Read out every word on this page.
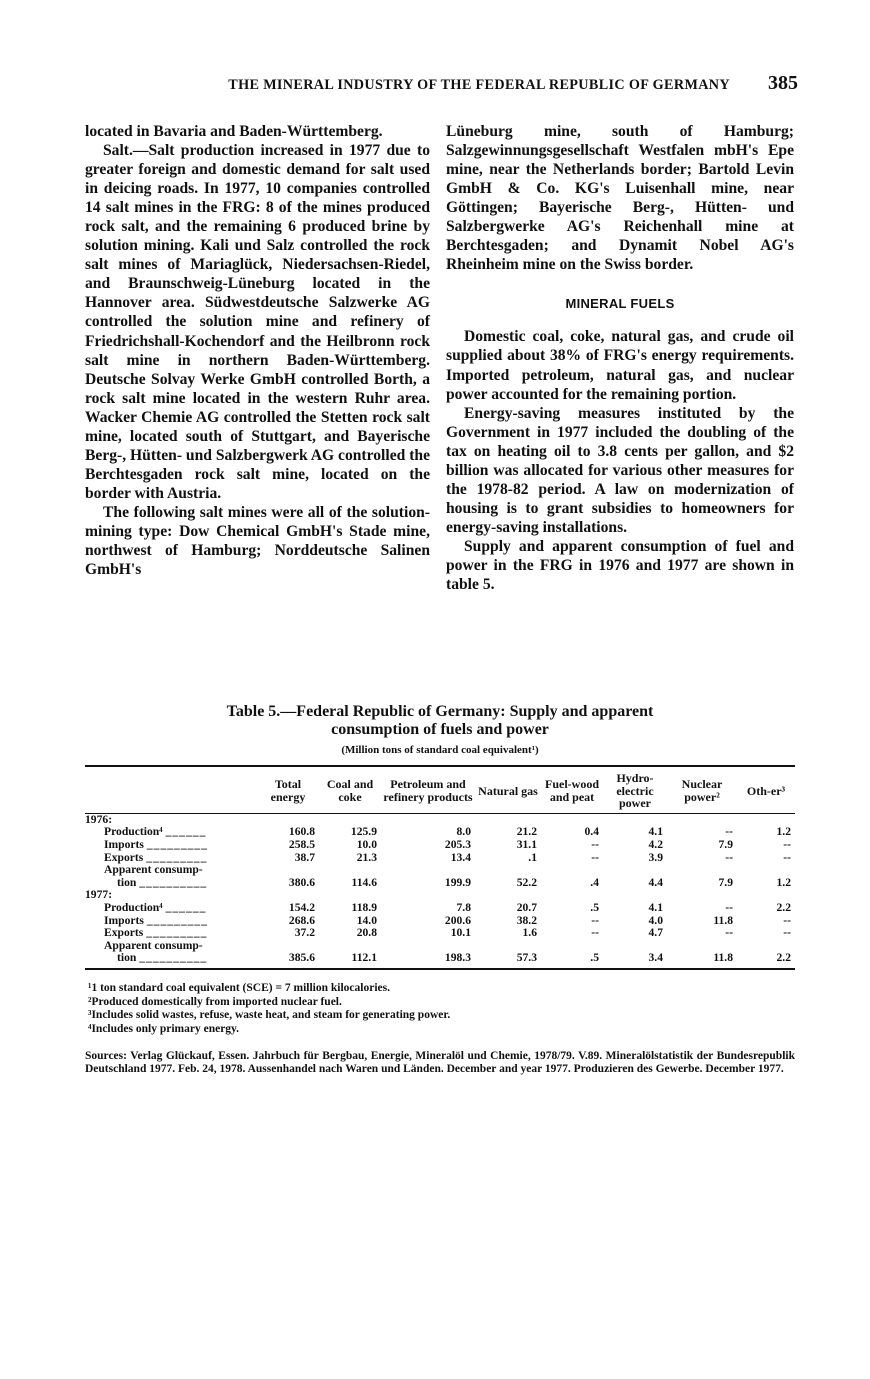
THE MINERAL INDUSTRY OF THE FEDERAL REPUBLIC OF GERMANY 385

located in Bavaria and Baden-Württemberg.

Salt.—Salt production increased in 1977 due to greater foreign and domestic demand for salt used in deicing roads. In 1977, 10 companies controlled 14 salt mines in the FRG: 8 of the mines produced rock salt, and the remaining 6 produced brine by solution mining. Kali und Salz controlled the rock salt mines of Mariaglück, Niedersachsen-Riedel, and Braunschweig-Lüneburg located in the Hannover area. Südwestdeutsche Salzwerke AG controlled the solution mine and refinery of Friedrichshall-Kochendorf and the Heilbronn rock salt mine in northern Baden-Württemberg. Deutsche Solvay Werke GmbH controlled Borth, a rock salt mine located in the western Ruhr area. Wacker Chemie AG controlled the Stetten rock salt mine, located south of Stuttgart, and Bayerische Berg-, Hütten- und Salzbergwerk AG controlled the Berchtesgaden rock salt mine, located on the border with Austria.

The following salt mines were all of the solution-mining type: Dow Chemical GmbH's Stade mine, northwest of Hamburg; Norddeutsche Salinen GmbH's

Lüneburg mine, south of Hamburg; Salzgewinnungsgesellschaft Westfalen mbH's Epe mine, near the Netherlands border; Bartold Levin GmbH & Co. KG's Luisenhall mine, near Göttingen; Bayerische Berg-, Hütten- und Salzbergwerke AG's Reichenhall mine at Berchtesgaden; and Dynamit Nobel AG's Rheinheim mine on the Swiss border.

MINERAL FUELS

Domestic coal, coke, natural gas, and crude oil supplied about 38% of FRG's energy requirements. Imported petroleum, natural gas, and nuclear power accounted for the remaining portion.

Energy-saving measures instituted by the Government in 1977 included the doubling of the tax on heating oil to 3.8 cents per gallon, and $2 billion was allocated for various other measures for the 1978-82 period. A law on modernization of housing is to grant subsidies to homeowners for energy-saving installations.

Supply and apparent consumption of fuel and power in the FRG in 1976 and 1977 are shown in table 5.

Table 5.—Federal Republic of Germany: Supply and apparent
consumption of fuels and power
(Million tons of standard coal equivalent¹)
	Total energy	Coal and coke	Petroleum and refinery products	Natural gas	Fuel-wood and peat	Hydro-electric power	Nuclear power²	Oth-er³
1976:								
Production⁴ ______	160.8	125.9	8.0	21.2	0.4	4.1	--	1.2
Imports _________	258.5	10.0	205.3	31.1	--	4.2	7.9	--
Exports _________	38.7	21.3	13.4	.1	--	3.9	--	--
Apparent consump-								
tion __________	380.6	114.6	199.9	52.2	.4	4.4	7.9	1.2
1977:								
Production⁴ ______	154.2	118.9	7.8	20.7	.5	4.1	--	2.2
Imports _________	268.6	14.0	200.6	38.2	--	4.0	11.8	--
Exports _________	37.2	20.8	10.1	1.6	--	4.7	--	--
Apparent consump-								
tion __________	385.6	112.1	198.3	57.3	.5	3.4	11.8	2.2
¹1 ton standard coal equivalent (SCE) = 7 million kilocalories.
²Produced domestically from imported nuclear fuel.
³Includes solid wastes, refuse, waste heat, and steam for generating power.
⁴Includes only primary energy.
Sources: Verlag Glückauf, Essen. Jahrbuch für Bergbau, Energie, Mineralöl und Chemie, 1978/79. V.89. Mineralölstatistik der Bundesrepublik Deutschland 1977. Feb. 24, 1978. Aussenhandel nach Waren und Länden. December and year 1977. Produzieren des Gewerbe. December 1977.
